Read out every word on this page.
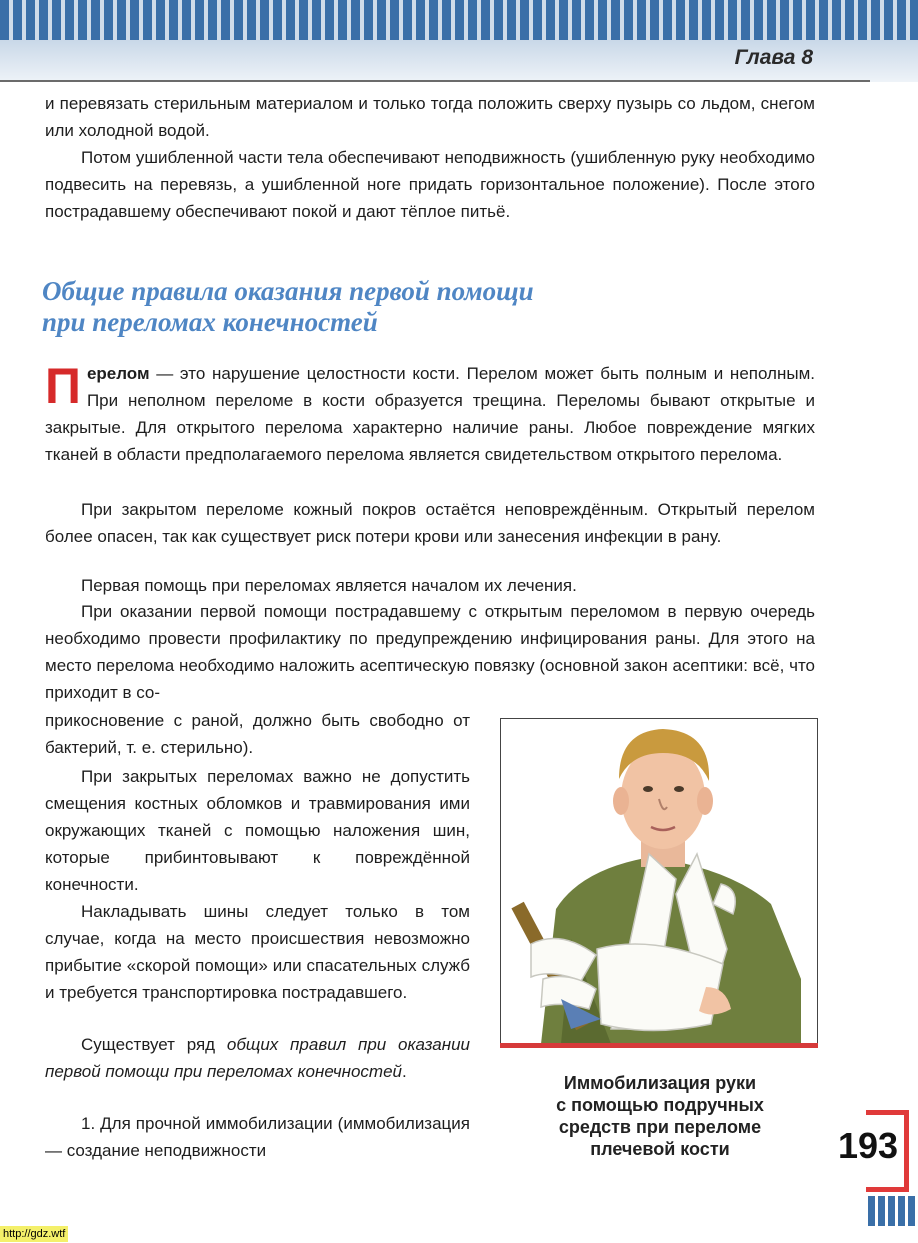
Глава 8

и перевязать стерильным материалом и только тогда положить сверху пузырь со льдом, снегом или холодной водой.

Потом ушибленной части тела обеспечивают неподвижность (ушибленную руку необходимо подвесить на перевязь, а ушибленной ноге придать горизонтальное положение). После этого пострадавшему обеспечивают покой и дают тёплое питьё.

Общие правила оказания первой помощи
при переломах конечностей

Перелом — это нарушение целостности кости. Перелом может быть полным и неполным. При неполном переломе в кости образуется трещина. Переломы бывают открытые и закрытые. Для открытого перелома характерно наличие раны. Любое повреждение мягких тканей в области предполагаемого перелома является свидетельством открытого перелома.

При закрытом переломе кожный покров остаётся неповреждённым. Открытый перелом более опасен, так как существует риск потери крови или занесения инфекции в рану.

Первая помощь при переломах является началом их лечения.

При оказании первой помощи пострадавшему с открытым переломом в первую очередь необходимо провести профилактику по предупреждению инфицирования раны. Для этого на место перелома необходимо наложить асептическую повязку (основной закон асептики: всё, что приходит в со-

прикосновение с раной, должно быть свободно от бактерий, т. е. стерильно).

При закрытых переломах важно не допустить смещения костных обломков и травмирования ими окружающих тканей с помощью наложения шин, которые прибинтовывают к повреждённой конечности.

Накладывать шины следует только в том случае, когда на место происшествия невозможно прибытие «скорой помощи» или спасательных служб и требуется транспортировка пострадавшего.

Существует ряд общих правил при оказании первой помощи при переломах конечностей.

1. Для прочной иммобилизации (иммобилизация — создание неподвижности

Иммобилизация руки
с помощью подручных
средств при переломе
плечевой кости	193
http://gdz.wtf
